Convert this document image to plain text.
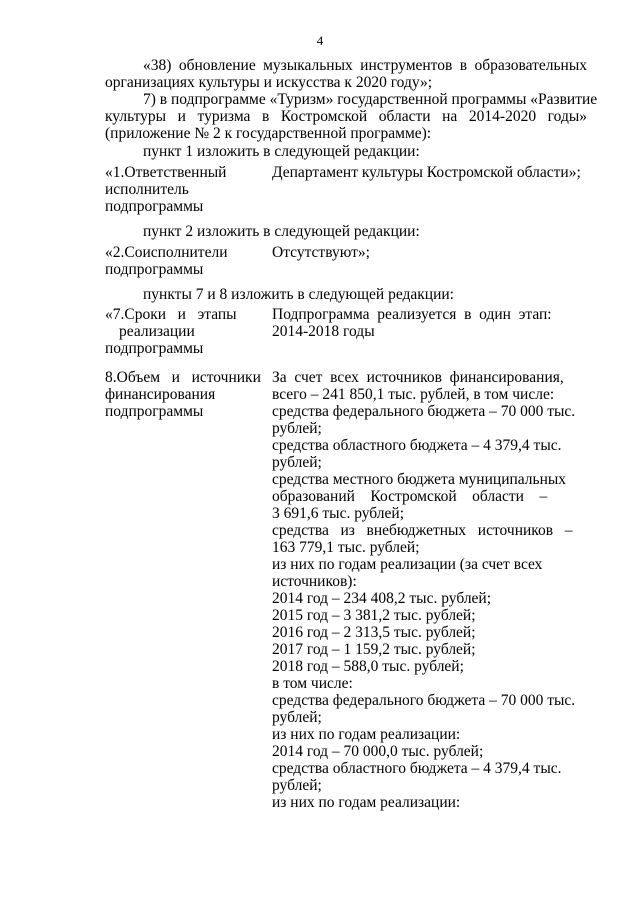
4
«38) обновление музыкальных инструментов в образовательных
организациях культуры и искусства к 2020 году»;
7) в подпрограмме «Туризм» государственной программы «Развитие
культуры и туризма в Костромской области на 2014-2020 годы»
(приложение № 2 к государственной программе):
пункт 1 изложить в следующей редакции:
«1.Ответственный
исполнитель
подпрограммы
Департамент культуры Костромской области»;
пункт 2 изложить в следующей редакции:
«2.Соисполнители
подпрограммы
Отсутствуют»;
пункты 7 и 8 изложить в следующей редакции:
«7.Сроки   и   этапы
реализации
подпрограммы
Подпрограмма  реализуется  в  один  этап:
2014-2018 годы
8.Объем   и   источники
финансирования
подпрограммы
За  счет  всех  источников  финансирования,
всего – 241 850,1 тыс. рублей, в том числе:
средства федерального бюджета – 70 000 тыс.
рублей;
средства областного бюджета – 4 379,4 тыс.
рублей;
средства местного бюджета муниципальных
образований    Костромской    области    –
3 691,6 тыс. рублей;
средства   из   внебюджетных   источников   –
163 779,1 тыс. рублей;
из них по годам реализации (за счет всех
источников):
2014 год – 234 408,2 тыс. рублей;
2015 год – 3 381,2 тыс. рублей;
2016 год – 2 313,5 тыс. рублей;
2017 год – 1 159,2 тыс. рублей;
2018 год – 588,0 тыс. рублей;
в том числе:
средства федерального бюджета – 70 000 тыс.
рублей;
из них по годам реализации:
2014 год – 70 000,0 тыс. рублей;
средства областного бюджета – 4 379,4 тыс.
рублей;
из них по годам реализации:
